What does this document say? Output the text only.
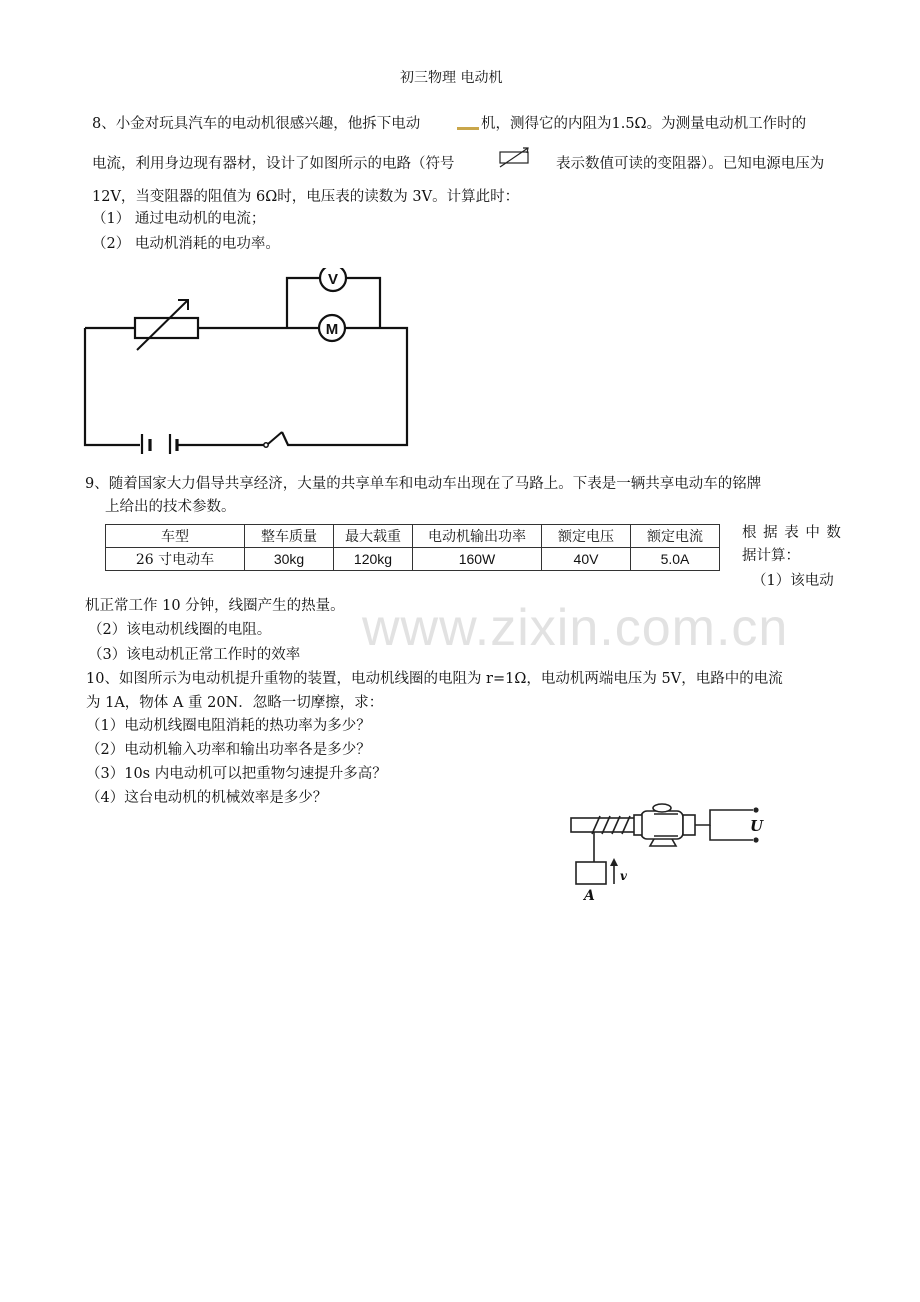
初三物理 电动机
8、小金对玩具汽车的电动机很感兴趣，他拆下电动	机，测得它的内阻为1.5Ω。为测量电动机工作时的
电流，利用身边现有器材，设计了如图所示的电路（符号	表示数值可读的变阻器）。已知电源电压为
12V，当变阻器的阻值为 6Ω时，电压表的读数为 3V。计算此时：
（1） 通过电动机的电流；
（2） 电动机消耗的电功率。
V
M
9、随着国家大力倡导共享经济，大量的共享单车和电动车出现在了马路上。下表是一辆共享电动车的铭牌
上给出的技术参数。
车型	整车质量	最大载重	电动机输出功率	额定电压	额定电流
26 寸电动车	30kg	120kg	160W	40V	5.0A
根 据 表 中 数
据计算：
（1）该电动
机正常工作 10 分钟，线圈产生的热量。 www.zixin.com.cn
（2）该电动机线圈的电阻。
（3）该电动机正常工作时的效率
10、如图所示为电动机提升重物的装置，电动机线圈的电阻为 r=1Ω，电动机两端电压为 5V，电路中的电流
为 1A，物体 A 重 20N．忽略一切摩擦，求：
（1）电动机线圈电阻消耗的热功率为多少？
（2）电动机输入功率和输出功率各是多少？
（3）10s 内电动机可以把重物匀速提升多高？
（4）这台电动机的机械效率是多少？
U
A
v
